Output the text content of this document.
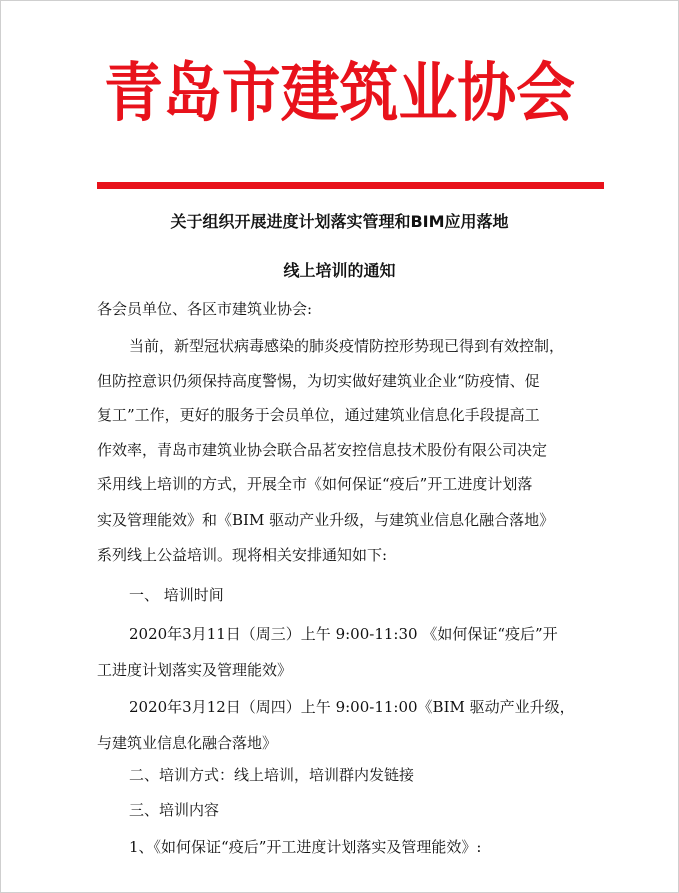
青岛市建筑业协会
关于组织开展进度计划落实管理和BIM应用落地
线上培训的通知
各会员单位、各区市建筑业协会:
当前，新型冠状病毒感染的肺炎疫情防控形势现已得到有效控制，
但防控意识仍须保持高度警惕，为切实做好建筑业企业“防疫情、促
复工”工作，更好的服务于会员单位，通过建筑业信息化手段提高工
作效率，青岛市建筑业协会联合品茗安控信息技术股份有限公司决定
采用线上培训的方式，开展全市《如何保证“疫后”开工进度计划落
实及管理能效》和《BIM 驱动产业升级，与建筑业信息化融合落地》
系列线上公益培训。现将相关安排通知如下:
一、 培训时间
2020年3月11日（周三）上午 9:00-11:30 《如何保证“疫后”开
工进度计划落实及管理能效》
2020年3月12日（周四）上午 9:00-11:00《BIM 驱动产业升级，
与建筑业信息化融合落地》
二、培训方式：线上培训，培训群内发链接
三、培训内容
1、《如何保证“疫后”开工进度计划落实及管理能效》:
